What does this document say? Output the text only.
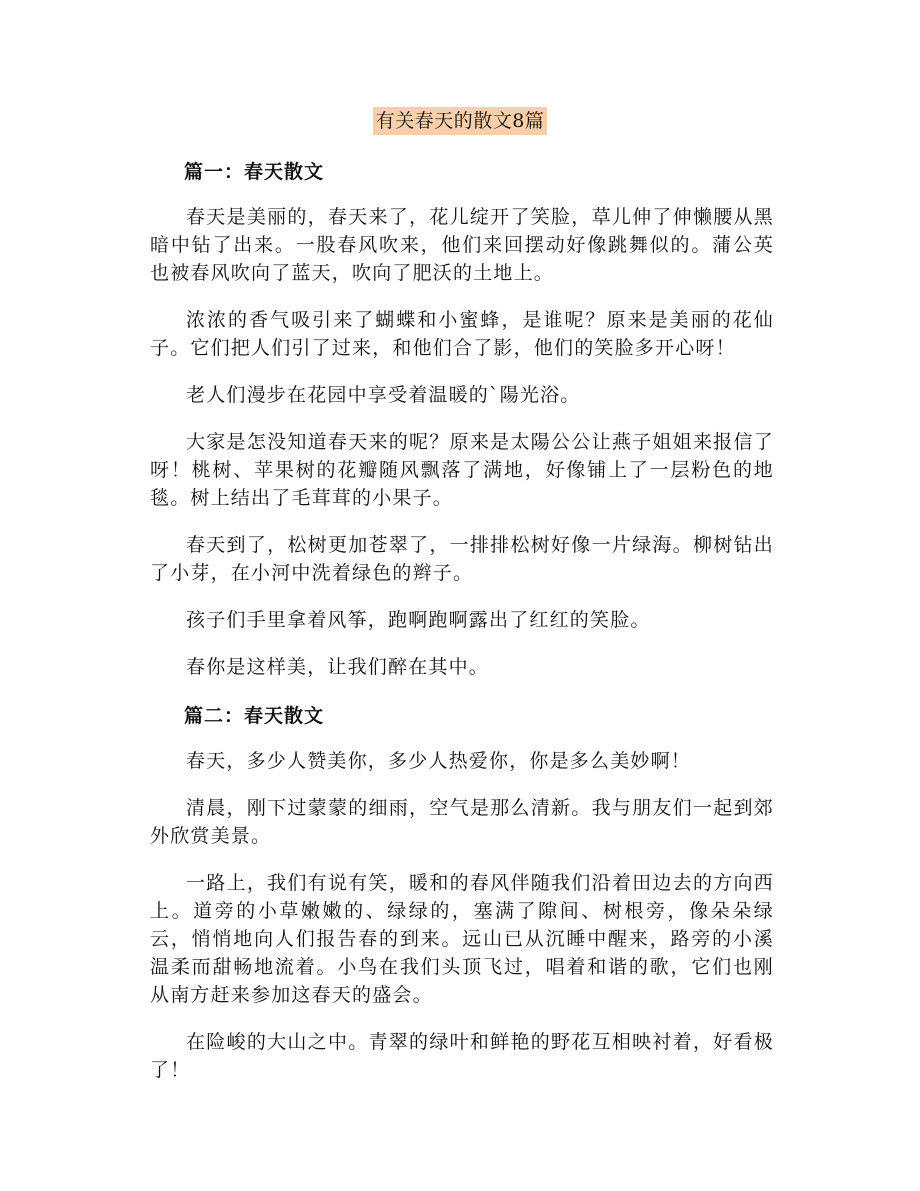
有关春天的散文8篇
篇一：春天散文

春天是美丽的，春天来了，花儿绽开了笑脸，草儿伸了伸懒腰从黑暗中钻了出来。一股春风吹来，他们来回摆动好像跳舞似的。蒲公英也被春风吹向了蓝天，吹向了肥沃的土地上。

浓浓的香气吸引来了蝴蝶和小蜜蜂，是谁呢？原来是美丽的花仙子。它们把人们引了过来，和他们合了影，他们的笑脸多开心呀！

老人们漫步在花园中享受着温暖的`陽光浴。

大家是怎没知道春天来的呢？原来是太陽公公让燕子姐姐来报信了呀！桃树、苹果树的花瓣随风飘落了满地，好像铺上了一层粉色的地毯。树上结出了毛茸茸的小果子。

春天到了，松树更加苍翠了，一排排松树好像一片绿海。柳树钻出了小芽，在小河中洗着绿色的辫子。

孩子们手里拿着风筝，跑啊跑啊露出了红红的笑脸。

春你是这样美，让我们醉在其中。

篇二：春天散文

春天，多少人赞美你，多少人热爱你，你是多么美妙啊！

清晨，刚下过蒙蒙的细雨，空气是那么清新。我与朋友们一起到郊外欣赏美景。

一路上，我们有说有笑，暖和的春风伴随我们沿着田边去的方向西上。道旁的小草嫩嫩的、绿绿的，塞满了隙间、树根旁，像朵朵绿云，悄悄地向人们报告春的到来。远山已从沉睡中醒来，路旁的小溪温柔而甜畅地流着。小鸟在我们头顶飞过，唱着和谐的歌，它们也刚从南方赶来参加这春天的盛会。

在险峻的大山之中。青翠的绿叶和鲜艳的野花互相映衬着，好看极了！
